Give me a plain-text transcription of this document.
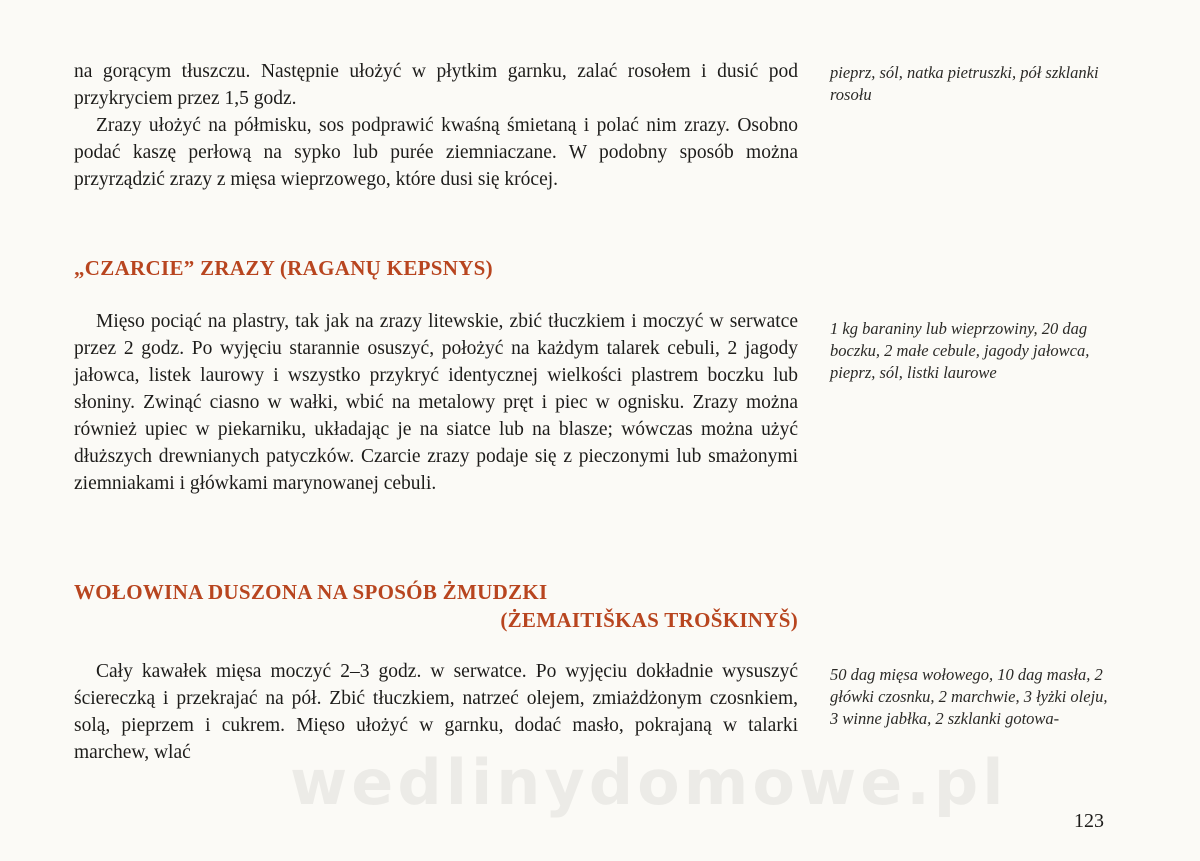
na gorącym tłuszczu. Następnie ułożyć w płytkim garnku, zalać rosołem i dusić pod przykryciem przez 1,5 godz.

Zrazy ułożyć na półmisku, sos podprawić kwaśną śmietaną i polać nim zrazy. Osobno podać kaszę perłową na sypko lub purée ziemniaczane. W podobny sposób można przyrządzić zrazy z mięsa wieprzowego, które dusi się krócej.

pieprz, sól, natka pietruszki, pół szklanki rosołu

„CZARCIE” ZRAZY (RAGANŲ KEPSNYS)

Mięso pociąć na plastry, tak jak na zrazy litewskie, zbić tłuczkiem i moczyć w serwatce przez 2 godz. Po wyjęciu starannie osuszyć, położyć na każdym talarek cebuli, 2 jagody jałowca, listek laurowy i wszystko przykryć identycznej wielkości plastrem boczku lub słoniny. Zwinąć ciasno w wałki, wbić na metalowy pręt i piec w ognisku. Zrazy można również upiec w piekarniku, układając je na siatce lub na blasze; wówczas można użyć dłuższych drewnianych patyczków. Czarcie zrazy podaje się z pieczonymi lub smażonymi ziemniakami i główkami marynowanej cebuli.

1 kg baraniny lub wieprzowiny, 20 dag boczku, 2 małe cebule, jagody jałowca, pieprz, sól, listki laurowe

WOŁOWINA DUSZONA NA SPOSÓB ŻMUDZKI
(ŻEMAITIŠKAS TROŠKINYŠ)

Cały kawałek mięsa moczyć 2–3 godz. w serwatce. Po wyjęciu dokładnie wysuszyć ściereczką i przekrajać na pół. Zbić tłuczkiem, natrzeć olejem, zmiażdżonym czosnkiem, solą, pieprzem i cukrem. Mięso ułożyć w garnku, dodać masło, pokrajaną w talarki marchew, wlać

50 dag mięsa wołowego, 10 dag masła, 2 główki czosnku, 2 marchwie, 3 łyżki oleju, 3 winne jabłka, 2 szklanki gotowa-

wedlinydomowe.pl
123
